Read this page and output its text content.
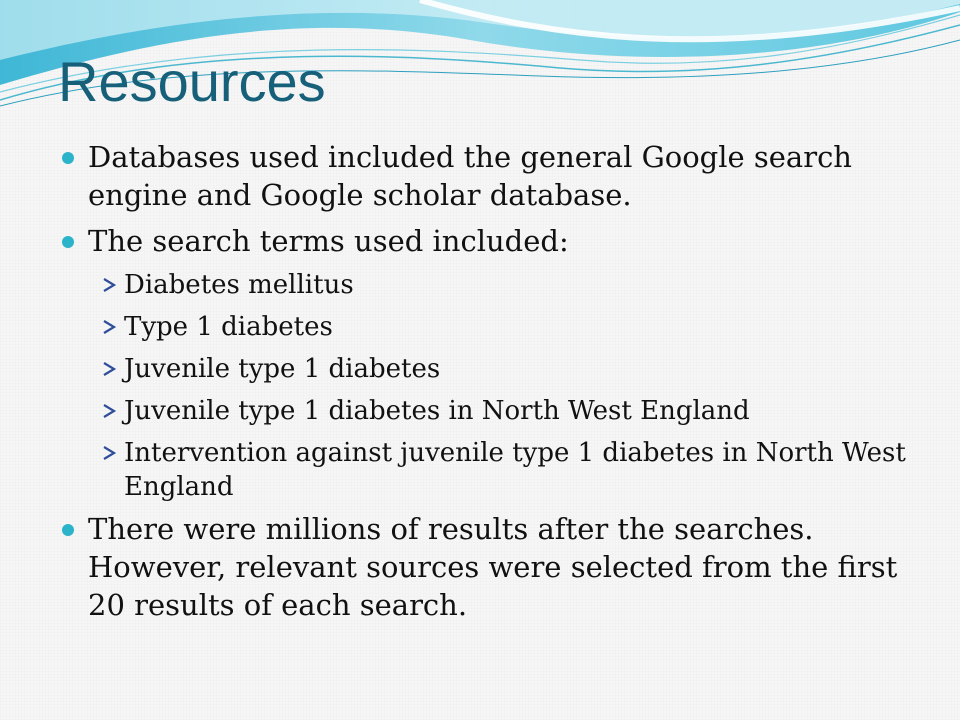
Resources
Databases used included the general Google search engine and Google scholar database.
The search terms used included:
Diabetes mellitus
Type 1 diabetes
Juvenile type 1 diabetes
Juvenile type 1 diabetes in North West England
Intervention against juvenile type 1 diabetes in North West England
There were millions of results after the searches. However, relevant sources were selected from the first 20 results of each search.
